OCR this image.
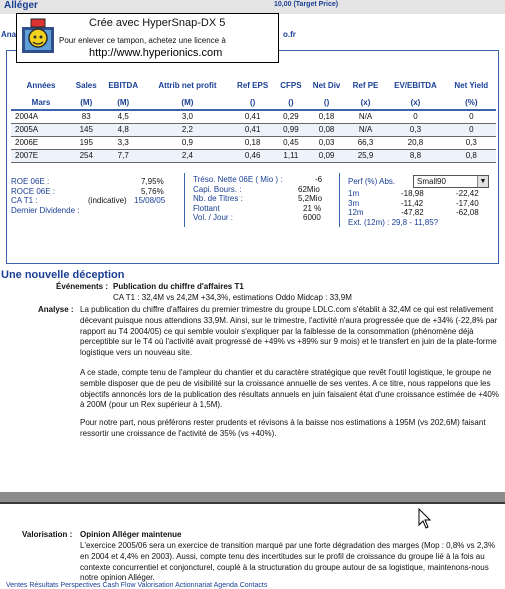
Alléger	10,00 (Target Price)
Ana	o.fr
Années	Sales	EBITDA	Attrib net profit	Ref EPS	CFPS	Net Div	Ref PE	EV/EBITDA	Net Yield
Mars	(M)	(M)	(M)	()	()	()	(x)	(x)	(%)
2004A	83	4,5	3,0	0,41	0,29	0,18	N/A	0	0
2005A	145	4,8	2,2	0,41	0,99	0,08	N/A	0,3	0
2006E	195	3,3	0,9	0,18	0,45	0,03	66,3	20,8	0,3
2007E	254	7,7	2,4	0,46	1,11	0,09	25,9	8,8	0,8
ROE 06E :	7,95%
ROCE 06E :	5,76%
CA T1 :	(indicative) 15/08/05
Dernier Dividende :
Tréso. Nette 06E ( Mio ) :	-6
Capi. Bours. :	62Mio
Nb. de Titres :	5,2Mio
Flottant	21 %
Vol. / Jour :	6000
Perf (%) Abs.
1m	-18,98	-22,42
3m	-11,42	-17,40
12m	-47,82	-62,08
Ext. (12m) : 29,8 - 11,85?
Small90	▼
Crée avec HyperSnap-DX 5
Pour enlever ce tampon, achetez une licence à
http://www.hyperionics.com
Une nouvelle déception
Événements : Publication du chiffre d'affaires T1
CA T1 : 32,4M vs 24,2M +34,3%, estimations Oddo Midcap : 33,9M
Analyse : La publication du chiffre d'affaires du premier trimestre du groupe LDLC.com s'établit à 32,4M ce qui est relativement décevant puisque nous attendions 33,9M. Ainsi, sur le trimestre, l'activité n'aura progressée que de +34% (-22,8% par rapport au T4 2004/05) ce qui semble vouloir s'expliquer par la faiblesse de la consommation (phénomène déjà perceptible sur le T4 où l'activité avait progressé de +49% vs +89% sur 9 mois) et le transfert en juin de la plate-forme logistique vers un nouveau site.
A ce stade, compte tenu de l'ampleur du chantier et du caractère stratégique que revêt l'outil logistique, le groupe ne semble disposer que de peu de visibilité sur la croissance annuelle de ses ventes. A ce titre, nous rappelons que les objectifs annoncés lors de la publication des résultats annuels en juin faisaient état d'une croissance estimée de +40% à 200M (pour un Rex supérieur à 1,5M).
Pour notre part, nous préférons rester prudents et révisons à la baisse nos estimations à 195M (vs 202,6M) faisant ressortir une croissance de l'activité de 35% (vs +40%).
Valorisation : Opinion Alléger maintenue
L'exercice 2005/06 sera un exercice de transition marqué par une forte dégradation des marges (Mop : 0,8% vs 2,3% en 2004 et 4,4% en 2003). Aussi, compte tenu des incertitudes sur le profil de croissance du groupe lié à la fois au contexte concurrentiel et conjoncturel, couplé à la structuration du groupe autour de sa logistique, maintenons-nous notre opinion Alléger.
Ventes Résultats Perspectives Cash Flow Valorisation Actionnariat Agenda Contacts
